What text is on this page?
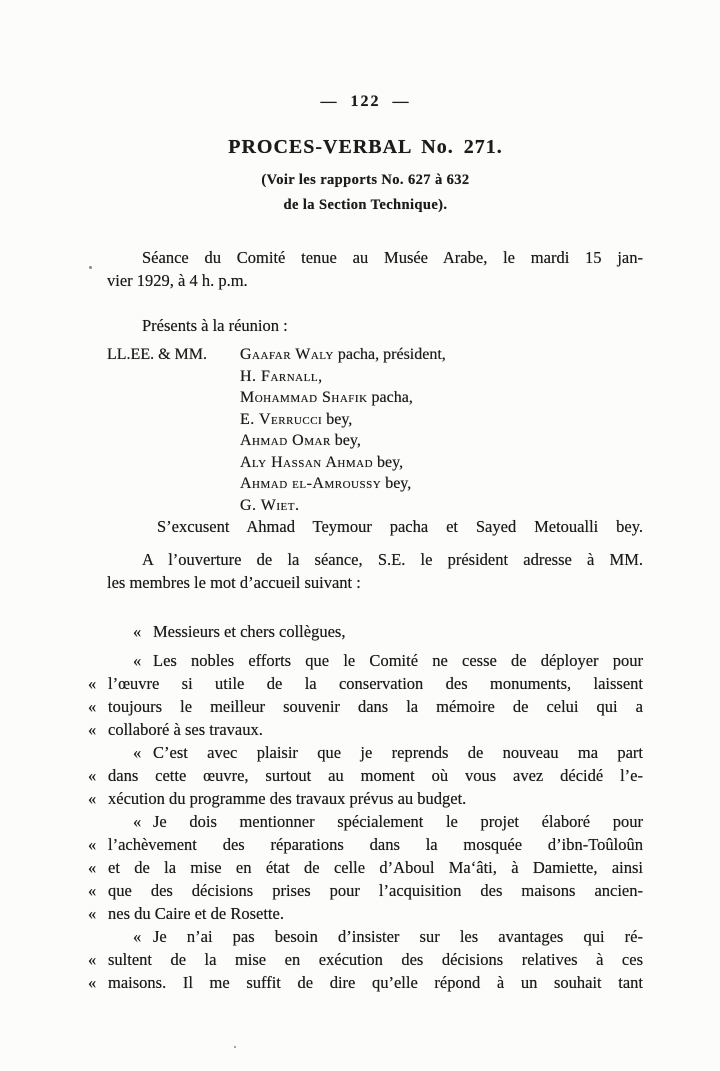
— 122 —
PROCES-VERBAL No. 271.
(Voir les rapports No. 627 à 632
de la Section Technique).
Séance du Comité tenue au Musée Arabe, le mardi 15 jan-
vier 1929, à 4 h. p.m.
Présents à la réunion :
LL.EE. & MM. Gaafar Waly pacha, président,
H. Farnall,
Mohammad Shafik pacha,
E. Verrucci bey,
Ahmad Omar bey,
Aly Hassan Ahmad bey,
Ahmad el-Amroussy bey,
G. Wiet.
S’excusent Ahmad Teymour pacha et Sayed Metoualli bey.
A l’ouverture de la séance, S.E. le président adresse à MM.
les membres le mot d’accueil suivant :
« Messieurs et chers collègues,
« Les nobles efforts que le Comité ne cesse de déployer pour
« l’œuvre si utile de la conservation des monuments, laissent
« toujours le meilleur souvenir dans la mémoire de celui qui a
« collaboré à ses travaux.
« C’est avec plaisir que je reprends de nouveau ma part
« dans cette œuvre, surtout au moment où vous avez décidé l’e-
« xécution du programme des travaux prévus au budget.
« Je dois mentionner spécialement le projet élaboré pour
« l’achèvement des réparations dans la mosquée d’ibn-Toûloûn
« et de la mise en état de celle d’Aboul Ma‘âti, à Damiette, ainsi
« que des décisions prises pour l’acquisition des maisons ancien-
« nes du Caire et de Rosette.
« Je n’ai pas besoin d’insister sur les avantages qui ré-
« sultent de la mise en exécution des décisions relatives à ces
« maisons. Il me suffit de dire qu’elle répond à un souhait tant
